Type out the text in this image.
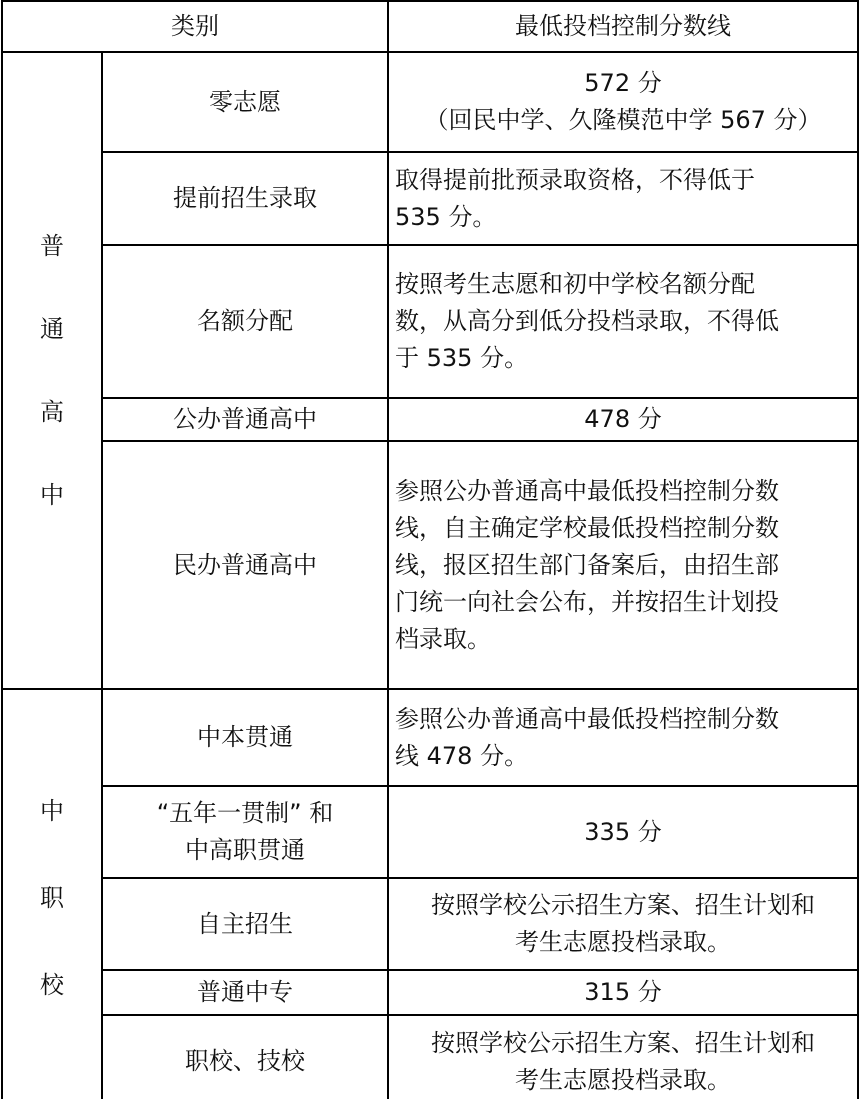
类别		最低投档控制分数线

普
通
高
中	零志愿	572 分
（回民中学、久隆模范中学 567 分）

	提前招生录取	取得提前批预录取资格，不得低于
535 分。

	名额分配	按照考生志愿和初中学校名额分配
数，从高分到低分投档录取，不得低
于 535 分。

	公办普通高中	478 分

	民办普通高中	参照公办普通高中最低投档控制分数
线，自主确定学校最低投档控制分数
线，报区招生部门备案后，由招生部
门统一向社会公布，并按招生计划投
档录取。

中
职
校	中本贯通	参照公办普通高中最低投档控制分数
线 478 分。

	“五年一贯制” 和
中高职贯通	335 分

	自主招生	按照学校公示招生方案、招生计划和
考生志愿投档录取。

	普通中专	315 分

	职校、技校	按照学校公示招生方案、招生计划和
考生志愿投档录取。
